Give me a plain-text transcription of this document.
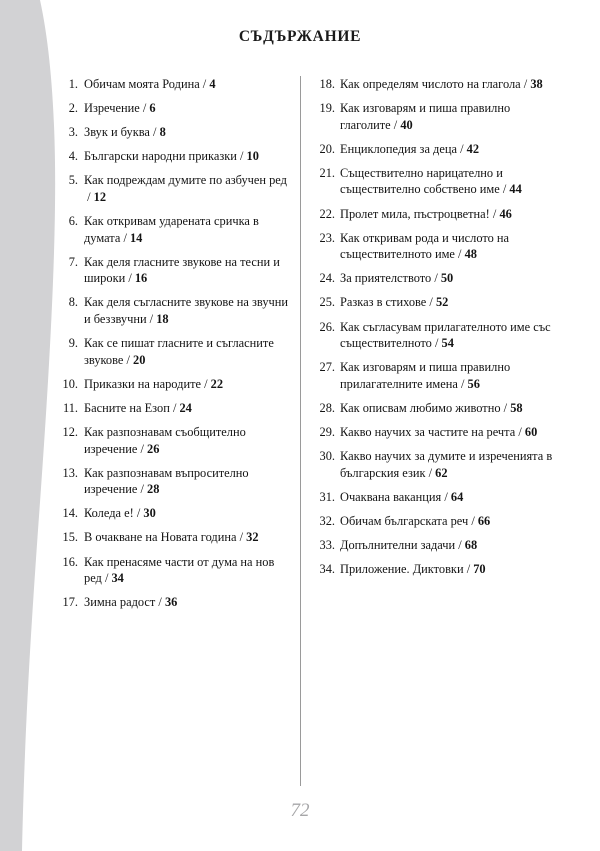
СЪДЪРЖАНИЕ
1. Обичам моята Родина / 4
2. Изречение / 6
3. Звук и буква / 8
4. Български народни приказки / 10
5. Как подреждам думите по азбучен ред / 12
6. Как откривам ударената сричка в думата / 14
7. Как деля гласните звукове на тесни и широки / 16
8. Как деля съгласните звукове на звучни и беззвучни / 18
9. Как се пишат гласните и съгласните звукове / 20
10. Приказки на народите / 22
11. Басните на Езоп / 24
12. Как разпознавам съобщително изречение / 26
13. Как разпознавам въпросително изречение / 28
14. Коледа е! / 30
15. В очакване на Новата година / 32
16. Как пренасяме части от дума на нов ред / 34
17. Зимна радост / 36
18. Как определям числото на глагола / 38
19. Как изговарям и пиша правилно глаголите / 40
20. Енциклопедия за деца / 42
21. Съществително нарицателно и съществително собствено име / 44
22. Пролет мила, пъстроцветна! / 46
23. Как откривам рода и числото на съществителното име / 48
24. За приятелството / 50
25. Разказ в стихове / 52
26. Как съгласувам прилагателното име със съществителното / 54
27. Как изговарям и пиша правилно прилагателните имена / 56
28. Как описвам любимо животно / 58
29. Какво научих за частите на речта / 60
30. Какво научих за думите и изреченията в българския език / 62
31. Очаквана ваканция / 64
32. Обичам българската реч / 66
33. Допълнителни задачи / 68
34. Приложение. Диктовки / 70
72
